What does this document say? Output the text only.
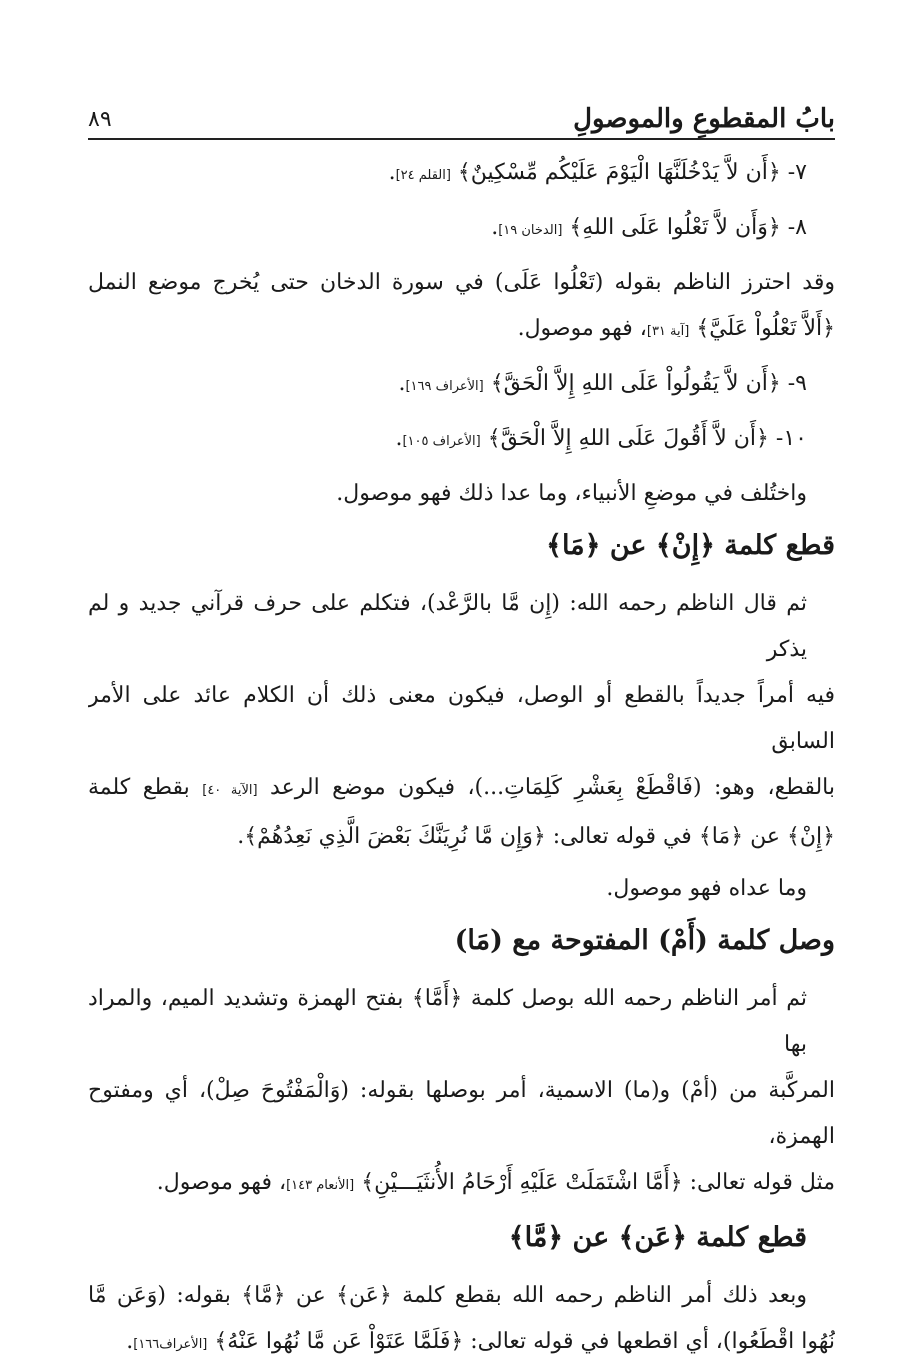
٨٩	بابُ المقطوعِ والموصولِ
٧- ﴿أَن لاَّ يَدْخُلَنَّهَا الْيَوْمَ عَلَيْكُم مِّسْكِينٌ﴾ [القلم ٢٤].
٨- ﴿وَأَن لاَّ تَعْلُوا عَلَى اللهِ﴾ [الدخان ١٩].
وقد احترز الناظم بقوله (تَعْلُوا عَلَى) في سورة الدخان حتى يُخرج موضع النمل
﴿أَلاَّ تَعْلُواْ عَلَيَّ﴾ [آية ٣١]، فهو موصول.
٩- ﴿أَن لاَّ يَقُولُواْ عَلَى اللهِ إِلاَّ الْحَقَّ﴾ [الأعراف ١٦٩].
١٠- ﴿أَن لاَّ أَقُولَ عَلَى اللهِ إِلاَّ الْحَقَّ﴾ [الأعراف ١٠٥].
واختُلف في موضعِ الأنبياء، وما عدا ذلك فهو موصول.
قطع كلمة ﴿إِنْ﴾ عن ﴿مَا﴾
ثم قال الناظم رحمه الله: (إِن مَّا بالرَّعْد)، فتكلم على حرف قرآني جديد و لم يذكر
فيه أمراً جديداً بالقطع أو الوصل، فيكون معنى ذلك أن الكلام عائد على الأمر السابق
بالقطع، وهو: (فَاقْطَعْ بِعَشْرِ كَلِمَاتِ...)، فيكون موضع الرعد [الآية ٤٠] بقطع كلمة
﴿إِنْ﴾ عن ﴿مَا﴾ في قوله تعالى: ﴿وَإِن مَّا نُرِيَنَّكَ بَعْضَ الَّذِي نَعِدُهُمْ﴾.
وما عداه فهو موصول.
وصل كلمة (أَمْ) المفتوحة مع (مَا)
ثم أمر الناظم رحمه الله بوصل كلمة ﴿أَمَّا﴾ بفتح الهمزة وتشديد الميم، والمراد بها
المركَّبة من (أمْ) و(ما) الاسمية، أمر بوصلها بقوله: (وَالْمَفْتُوحَ صِلْ)، أي ومفتوح الهمزة،
مثل قوله تعالى: ﴿أَمَّا اشْتَمَلَتْ عَلَيْهِ أَرْحَامُ الأُنثَيَـــيْنِ﴾ [الأنعام ١٤٣]، فهو موصول.
قطع كلمة ﴿عَن﴾ عن ﴿مَّا﴾
وبعد ذلك أمر الناظم رحمه الله بقطع كلمة ﴿عَن﴾ عن ﴿مَّا﴾ بقوله: (وَعَن مَّا
نُهُوا اقْطَعُوا)، أي اقطعها في قوله تعالى: ﴿فَلَمَّا عَتَوْاْ عَن مَّا نُهُوا عَنْهُ﴾ [الأعراف١٦٦].
